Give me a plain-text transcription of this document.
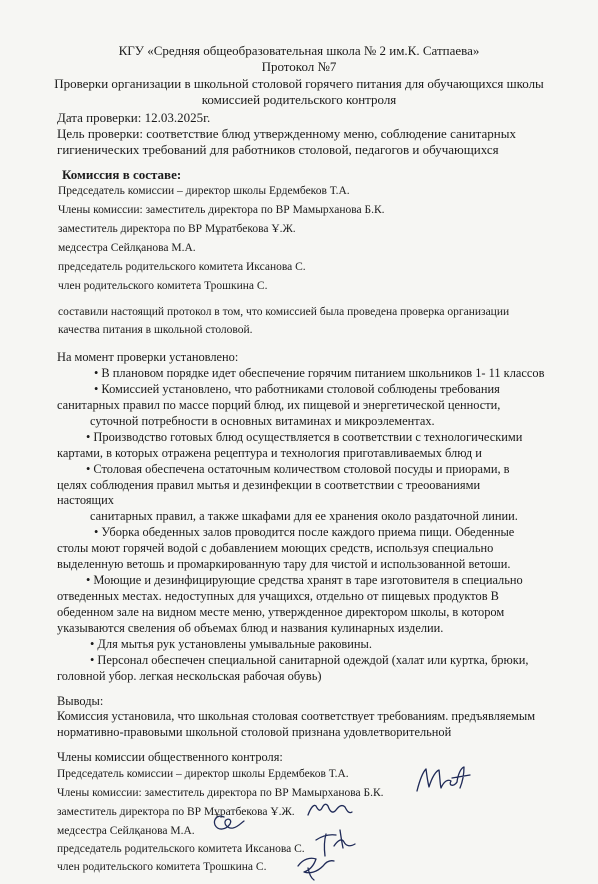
КГУ «Средняя общеобразовательная школа № 2 им.К. Сатпаева»
Протокол №7
Проверки организации в школьной столовой горячего питания для обучающихся школы
комиссией родительского контроля
Дата проверки: 12.03.2025г.
Цель проверки: соответствие блюд утвержденному меню, соблюдение санитарных
гигиенических требований для работников столовой, педагогов и обучающихся
Комиссия в составе:
Председатель комиссии – директор школы Ердембеков Т.А.
Члены комиссии: заместитель директора по ВР Мамырханова Б.К.
заместитель директора по ВР Мұратбекова Ұ.Ж.
медсестра Сейлқанова М.А.
председатель родительского комитета Иксанова С.
член родительского комитета Трошкина С.
составили настоящий протокол в том, что комиссией была проведена проверка организации
качества питания в школьной столовой.
На момент проверки установлено:
• В плановом порядке идет обеспечение горячим питанием школьников 1- 11 классов
• Комиссией установлено, что работниками столовой соблюдены требования
санитарных правил по массе порций блюд, их пищевой и энергетической ценности,
суточной потребности в основных витаминах и микроэлементах.
• Производство готовых блюд осуществляется в соответствии с технологическими
картами, в которых отражена рецептура и технология приготавливаемых блюд и
• Столовая обеспечена остаточным количеством столовой посуды и приорами, в
целях соблюдения правил мытья и дезинфекции в соответствии с треоованиями
настоящих
санитарных правил, а также шкафами для ее хранения около раздаточной линии.
• Уборка обеденных залов проводится после каждого приема пищи. Обеденные
столы моют горячей водой с добавлением моющих средств, используя специально
выделенную ветошь и промаркированную тару для чистой и использованной ветоши.
• Моющие и дезинфицирующие средства хранят в таре изготовителя в специально
отведенных местах. недоступных для учащихся, отдельно от пищевых продуктов В
обеденном зале на видном месте меню, утвержденное директором школы, в котором
указываются свеления об объемах блюд и названия кулинарных изделии.
• Для мытья рук установлены умывальные раковины.
• Персонал обеспечен специальной санитарной одеждой (халат или куртка, брюки,
головной убор. легкая нескольская рабочая обувь)
Выводы:
Комиссия установила, что школьная столовая соответствует требованиям. предъявляемым
нормативно-правовыми школьной столовой признана удовлетворительной
Члены комиссии общественного контроля:
Председатель комиссии – директор школы Ердембеков Т.А.
Члены комиссии: заместитель директора по ВР Мамырханова Б.К.
заместитель директора по ВР Мұратбекова Ұ.Ж.
медсестра Сейлқанова М.А.
председатель родительского комитета Иксанова С.
член родительского комитета Трошкина С.
